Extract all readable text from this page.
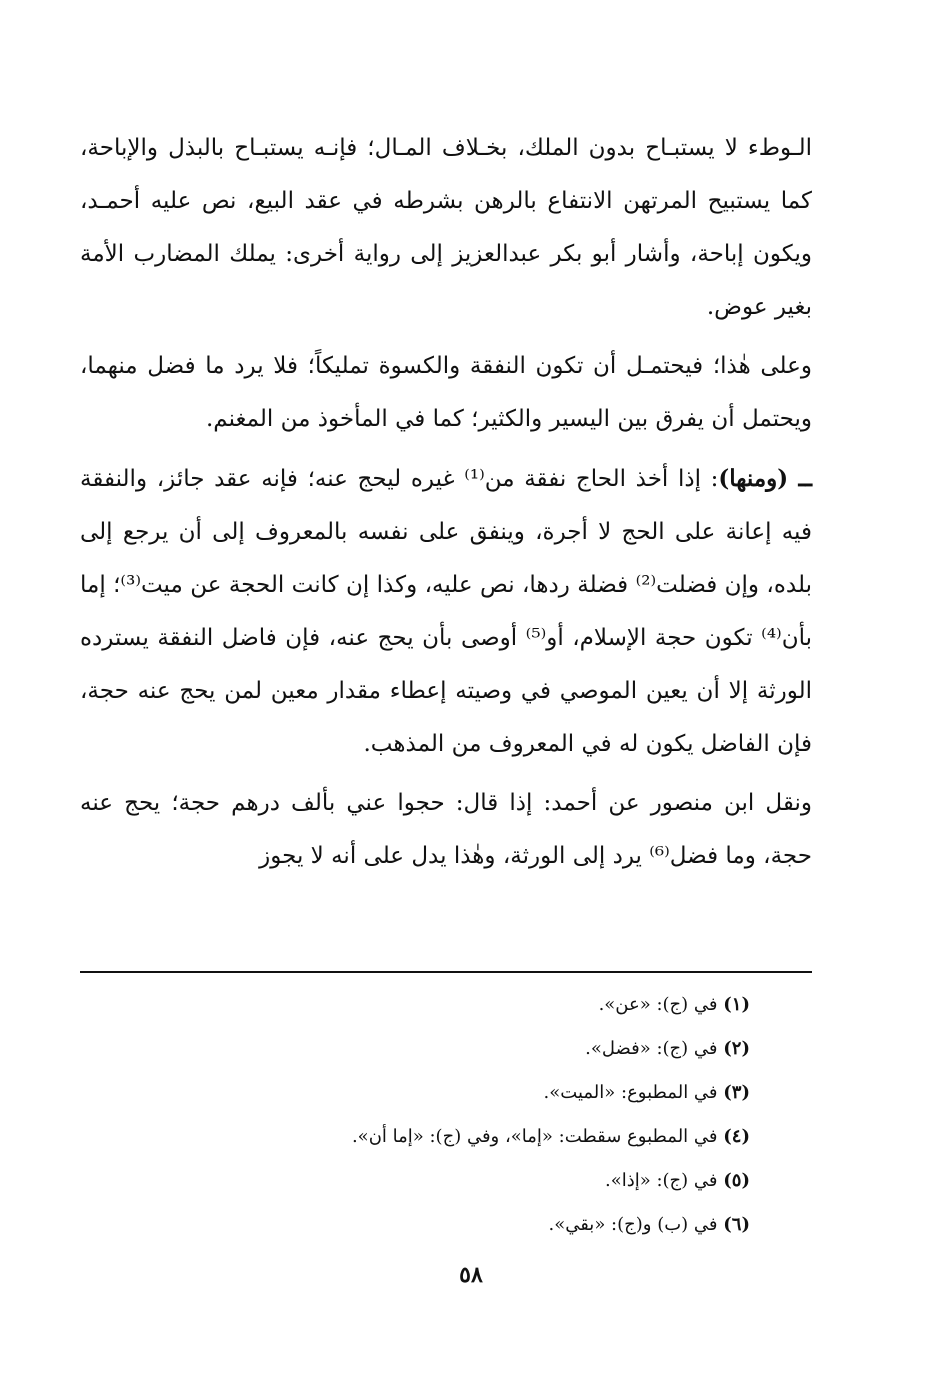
الـوطء لا يستبـاح بدون الملك، بخـلاف المـال؛ فإنـه يستبـاح بالبذل والإباحة، كما يستبيح المرتهن الانتفاع بالرهن بشرطه في عقد البيع، نص عليه أحمـد، ويكون إباحة، وأشار أبو بكر عبدالعزيز إلى رواية أخرى: يملك المضارب الأمة بغير عوض.

وعلى هٰذا؛ فيحتمـل أن تكون النفقة والكسوة تمليكاً؛ فلا يرد ما فضل منهما، ويحتمل أن يفرق بين اليسير والكثير؛ كما في المأخوذ من المغنم.

ــ (ومنها): إذا أخذ الحاج نفقة من⁽¹⁾ غيره ليحج عنه؛ فإنه عقد جائز، والنفقة فيه إعانة على الحج لا أجرة، وينفق على نفسه بالمعروف إلى أن يرجع إلى بلده، وإن فضلت⁽²⁾ فضلة ردها، نص عليه، وكذا إن كانت الحجة عن ميت⁽³⁾؛ إما بأن⁽⁴⁾ تكون حجة الإسلام، أو⁽⁵⁾ أوصى بأن يحج عنه، فإن فاضل النفقة يسترده الورثة إلا أن يعين الموصي في وصيته إعطاء مقدار معين لمن يحج عنه حجة، فإن الفاضل يكون له في المعروف من المذهب.

ونقل ابن منصور عن أحمد: إذا قال: حجوا عني بألف درهم حجة؛ يحج عنه حجة، وما فضل⁽⁶⁾ يرد إلى الورثة، وهٰذا يدل على أنه لا يجوز

(١) في (ج): «عن».

(٢) في (ج): «فضل».

(٣) في المطبوع: «الميت».

(٤) في المطبوع سقطت: «إما»، وفي (ج): «إما أن».

(٥) في (ج): «إذا».

(٦) في (ب) و(ج): «بقي».

٥٨
